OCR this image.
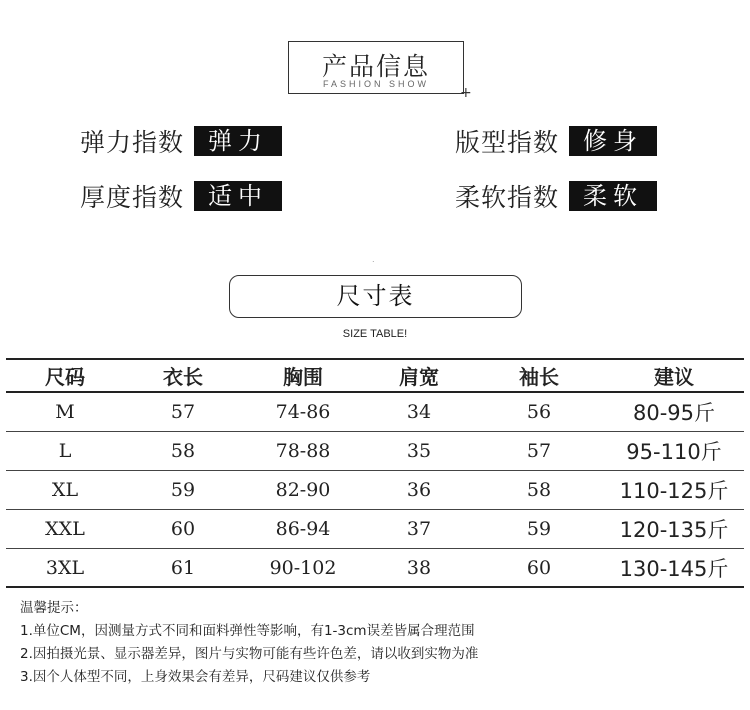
产品信息
FASHION SHOW
+
弹力指数	弹力	版型指数	修身
厚度指数	适中	柔软指数	柔软
.
尺寸表
SIZE TABLE!
尺码	衣长	胸围	肩宽	袖长	建议
M	57	74-86	34	56	80-95斤
L	58	78-88	35	57	95-110斤
XL	59	82-90	36	58	110-125斤
XXL	60	86-94	37	59	120-135斤
3XL	61	90-102	38	60	130-145斤
温馨提示：
1.单位CM，因测量方式不同和面料弹性等影响，有1-3cm误差皆属合理范围
2.因拍摄光景、显示器差异，图片与实物可能有些许色差，请以收到实物为准
3.因个人体型不同，上身效果会有差异，尺码建议仅供参考
